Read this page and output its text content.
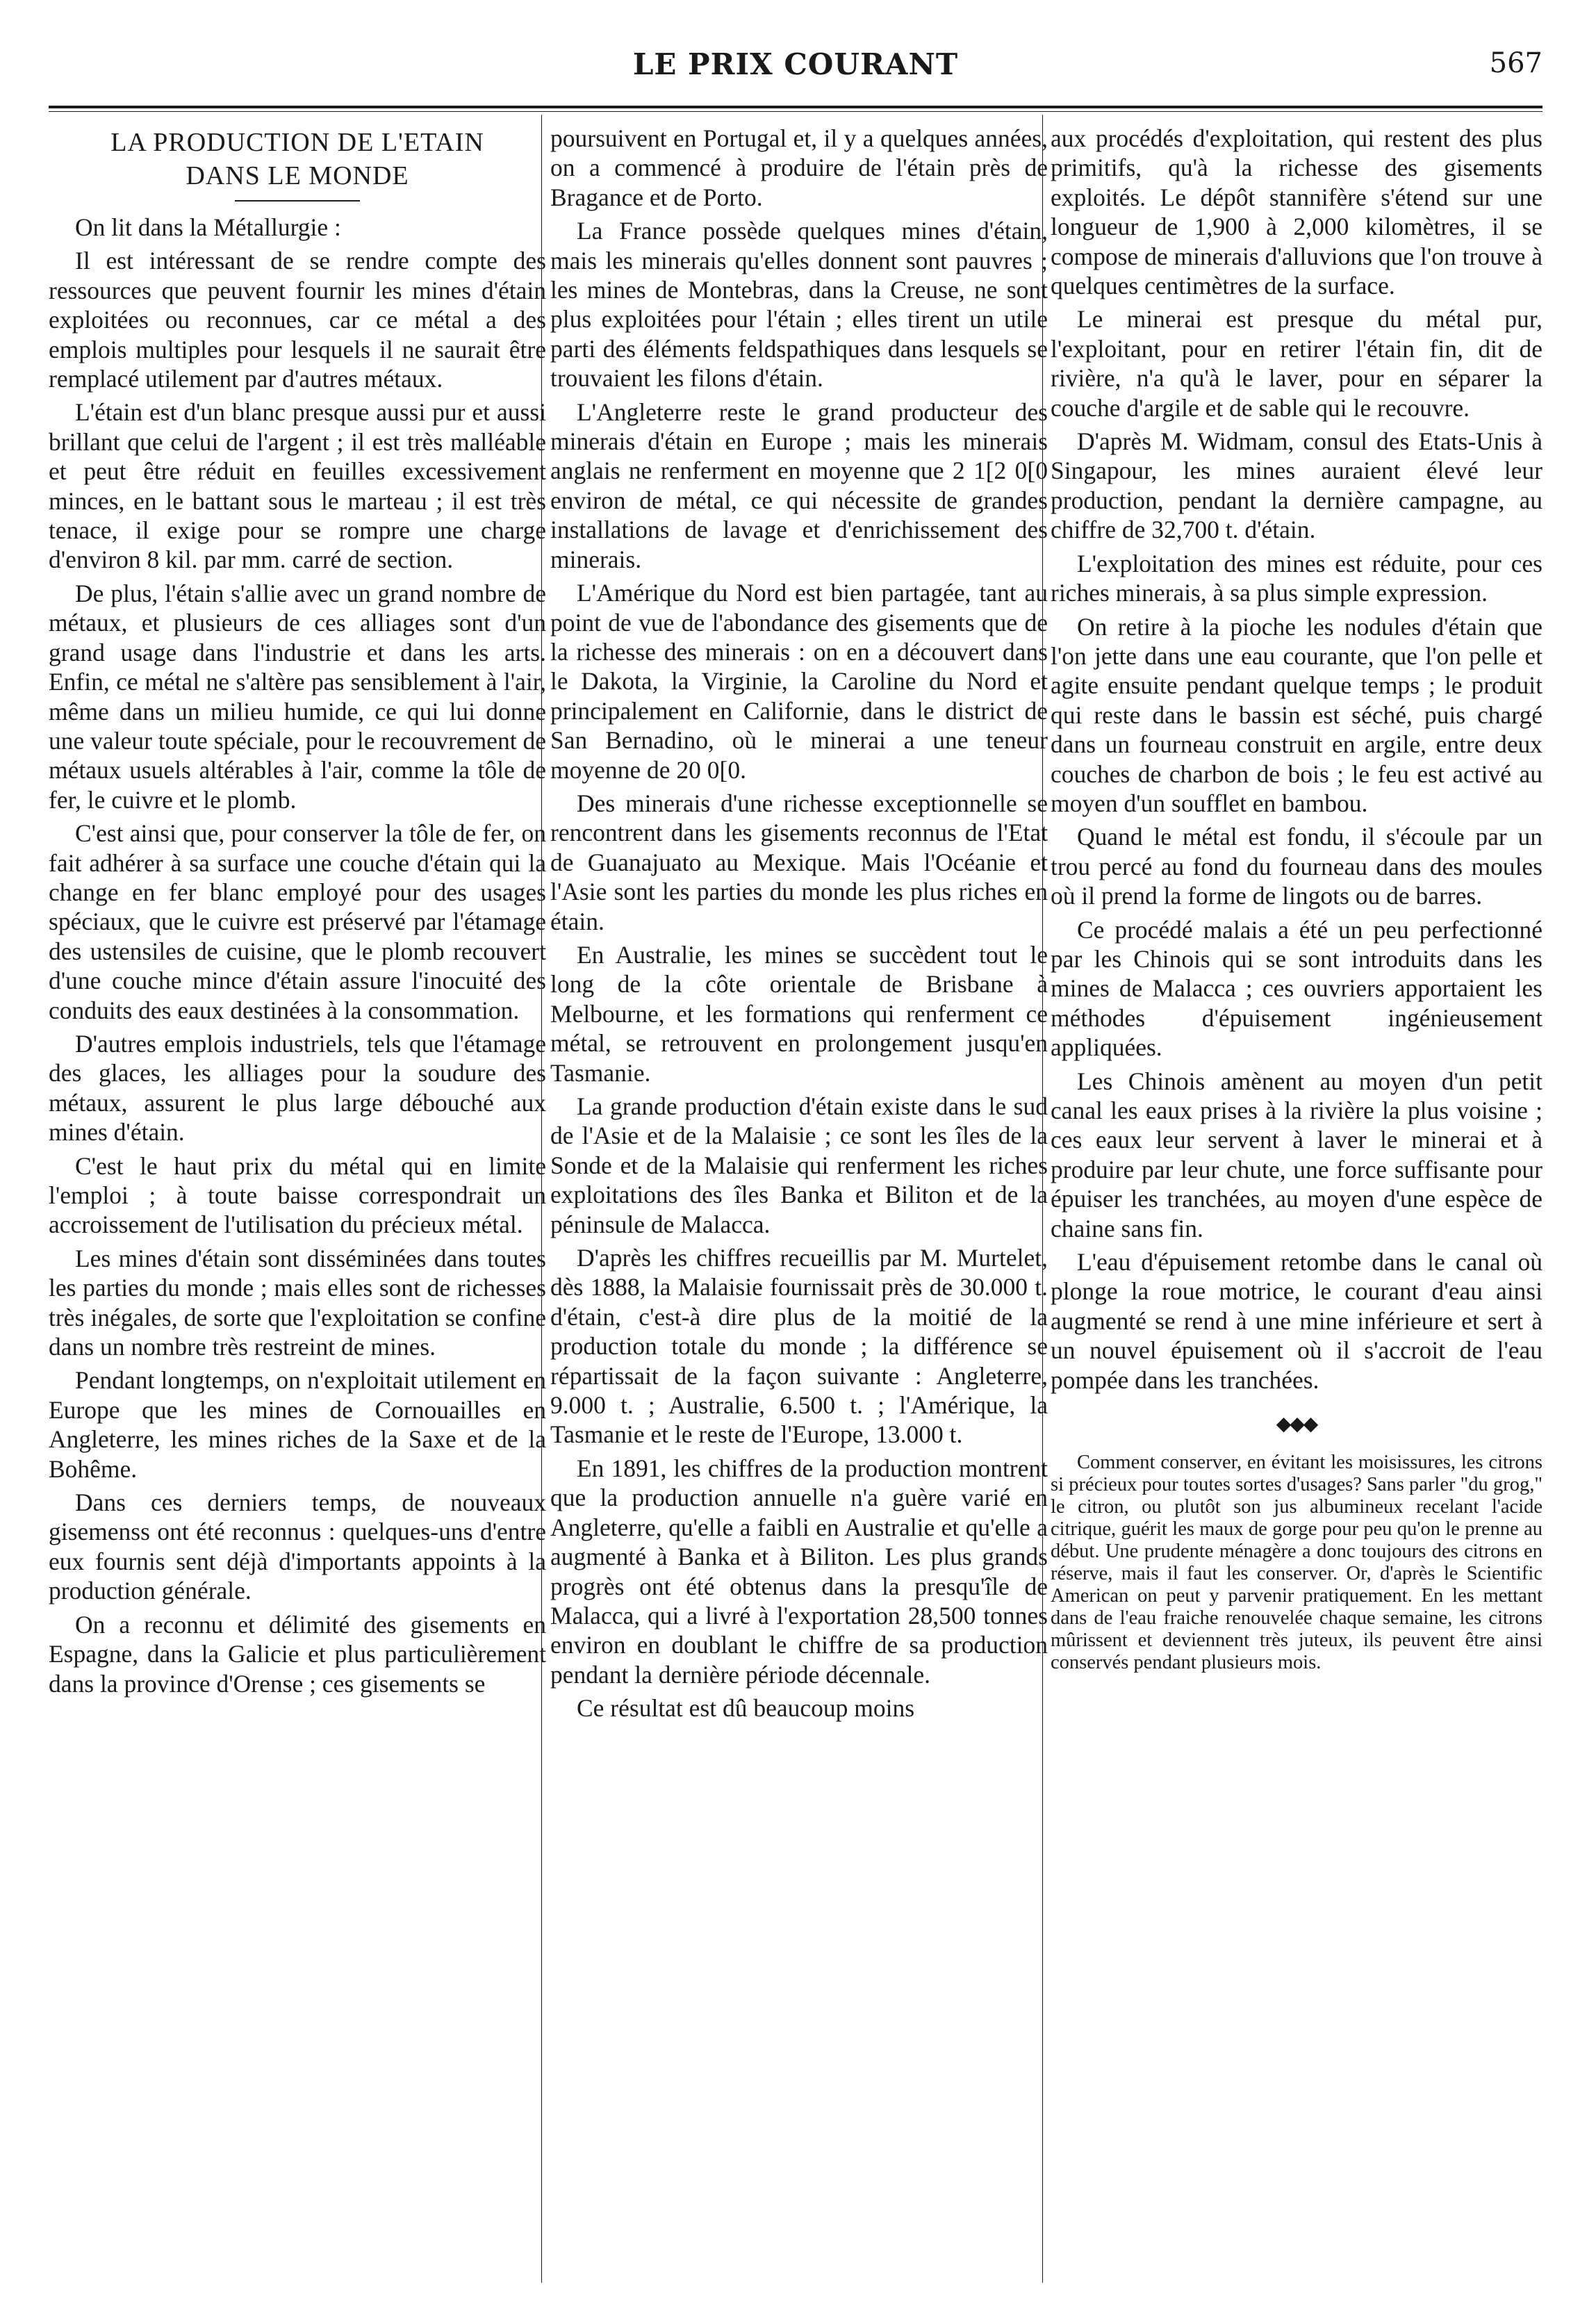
LE PRIX COURANT	567
LA PRODUCTION DE L'ETAIN
DANS LE MONDE

On lit dans la Métallurgie :

Il est intéressant de se rendre compte des ressources que peuvent fournir les mines d'étain exploitées ou reconnues, car ce métal a des emplois multiples pour lesquels il ne saurait être remplacé utilement par d'autres métaux.

L'étain est d'un blanc presque aussi pur et aussi brillant que celui de l'argent ; il est très malléable et peut être réduit en feuilles excessivement minces, en le battant sous le marteau ; il est très tenace, il exige pour se rompre une charge d'environ 8 kil. par mm. carré de section.

De plus, l'étain s'allie avec un grand nombre de métaux, et plusieurs de ces alliages sont d'un grand usage dans l'industrie et dans les arts. Enfin, ce métal ne s'altère pas sensiblement à l'air, même dans un milieu humide, ce qui lui donne une valeur toute spéciale, pour le recouvrement de métaux usuels altérables à l'air, comme la tôle de fer, le cuivre et le plomb.

C'est ainsi que, pour conserver la tôle de fer, on fait adhérer à sa surface une couche d'étain qui la change en fer blanc employé pour des usages spéciaux, que le cuivre est préservé par l'étamage des ustensiles de cuisine, que le plomb recouvert d'une couche mince d'étain assure l'inocuité des conduits des eaux destinées à la consommation.

D'autres emplois industriels, tels que l'étamage des glaces, les alliages pour la soudure des métaux, assurent le plus large débouché aux mines d'étain.

C'est le haut prix du métal qui en limite l'emploi ; à toute baisse correspondrait un accroissement de l'utilisation du précieux métal.

Les mines d'étain sont disséminées dans toutes les parties du monde ; mais elles sont de richesses très inégales, de sorte que l'exploitation se confine dans un nombre très restreint de mines.

Pendant longtemps, on n'exploitait utilement en Europe que les mines de Cornouailles en Angleterre, les mines riches de la Saxe et de la Bohême.

Dans ces derniers temps, de nouveaux gisemenss ont été reconnus : quelques-uns d'entre eux fournis sent déjà d'importants appoints à la production générale.

On a reconnu et délimité des gisements en Espagne, dans la Galicie et plus particulièrement dans la province d'Orense ; ces gisements se

poursuivent en Portugal et, il y a quelques années, on a commencé à produire de l'étain près de Bragance et de Porto.

La France possède quelques mines d'étain, mais les minerais qu'elles donnent sont pauvres ; les mines de Montebras, dans la Creuse, ne sont plus exploitées pour l'étain ; elles tirent un utile parti des éléments feldspathiques dans lesquels se trouvaient les filons d'étain.

L'Angleterre reste le grand producteur des minerais d'étain en Europe ; mais les minerais anglais ne renferment en moyenne que 2 1[2 0[0 environ de métal, ce qui nécessite de grandes installations de lavage et d'enrichissement des minerais.

L'Amérique du Nord est bien partagée, tant au point de vue de l'abondance des gisements que de la richesse des minerais : on en a découvert dans le Dakota, la Virginie, la Caroline du Nord et principalement en Californie, dans le district de San Bernadino, où le minerai a une teneur moyenne de 20 0[0.

Des minerais d'une richesse exceptionnelle se rencontrent dans les gisements reconnus de l'Etat de Guanajuato au Mexique. Mais l'Océanie et l'Asie sont les parties du monde les plus riches en étain.

En Australie, les mines se succèdent tout le long de la côte orientale de Brisbane à Melbourne, et les formations qui renferment ce métal, se retrouvent en prolongement jusqu'en Tasmanie.

La grande production d'étain existe dans le sud de l'Asie et de la Malaisie ; ce sont les îles de la Sonde et de la Malaisie qui renferment les riches exploitations des îles Banka et Biliton et de la péninsule de Malacca.

D'après les chiffres recueillis par M. Murtelet, dès 1888, la Malaisie fournissait près de 30.000 t. d'étain, c'est-à dire plus de la moitié de la production totale du monde ; la différence se répartissait de la façon suivante : Angleterre, 9.000 t. ; Australie, 6.500 t. ; l'Amérique, la Tasmanie et le reste de l'Europe, 13.000 t.

En 1891, les chiffres de la production montrent que la production annuelle n'a guère varié en Angleterre, qu'elle a faibli en Australie et qu'elle a augmenté à Banka et à Biliton. Les plus grands progrès ont été obtenus dans la presqu'île de Malacca, qui a livré à l'exportation 28,500 tonnes environ en doublant le chiffre de sa production pendant la dernière période décennale.

Ce résultat est dû beaucoup moins

aux procédés d'exploitation, qui restent des plus primitifs, qu'à la richesse des gisements exploités. Le dépôt stannifère s'étend sur une longueur de 1,900 à 2,000 kilomètres, il se compose de minerais d'alluvions que l'on trouve à quelques centimètres de la surface.

Le minerai est presque du métal pur, l'exploitant, pour en retirer l'étain fin, dit de rivière, n'a qu'à le laver, pour en séparer la couche d'argile et de sable qui le recouvre.

D'après M. Widmam, consul des Etats-Unis à Singapour, les mines auraient élevé leur production, pendant la dernière campagne, au chiffre de 32,700 t. d'étain.

L'exploitation des mines est réduite, pour ces riches minerais, à sa plus simple expression.

On retire à la pioche les nodules d'étain que l'on jette dans une eau courante, que l'on pelle et agite ensuite pendant quelque temps ; le produit qui reste dans le bassin est séché, puis chargé dans un fourneau construit en argile, entre deux couches de charbon de bois ; le feu est activé au moyen d'un soufflet en bambou.

Quand le métal est fondu, il s'écoule par un trou percé au fond du fourneau dans des moules où il prend la forme de lingots ou de barres.

Ce procédé malais a été un peu perfectionné par les Chinois qui se sont introduits dans les mines de Malacca ; ces ouvriers apportaient les méthodes d'épuisement ingénieusement appliquées.

Les Chinois amènent au moyen d'un petit canal les eaux prises à la rivière la plus voisine ; ces eaux leur servent à laver le minerai et à produire par leur chute, une force suffisante pour épuiser les tranchées, au moyen d'une espèce de chaine sans fin.

L'eau d'épuisement retombe dans le canal où plonge la roue motrice, le courant d'eau ainsi augmenté se rend à une mine inférieure et sert à un nouvel épuisement où il s'accroit de l'eau pompée dans les tranchées.

◆◆◆

Comment conserver, en évitant les moisissures, les citrons si précieux pour toutes sortes d'usages? Sans parler "du grog," le citron, ou plutôt son jus albumineux recelant l'acide citrique, guérit les maux de gorge pour peu qu'on le prenne au début. Une prudente ménagère a donc toujours des citrons en réserve, mais il faut les conserver. Or, d'après le Scientific American on peut y parvenir pratiquement. En les mettant dans de l'eau fraiche renouvelée chaque semaine, les citrons mûrissent et deviennent très juteux, ils peuvent être ainsi conservés pendant plusieurs mois.
